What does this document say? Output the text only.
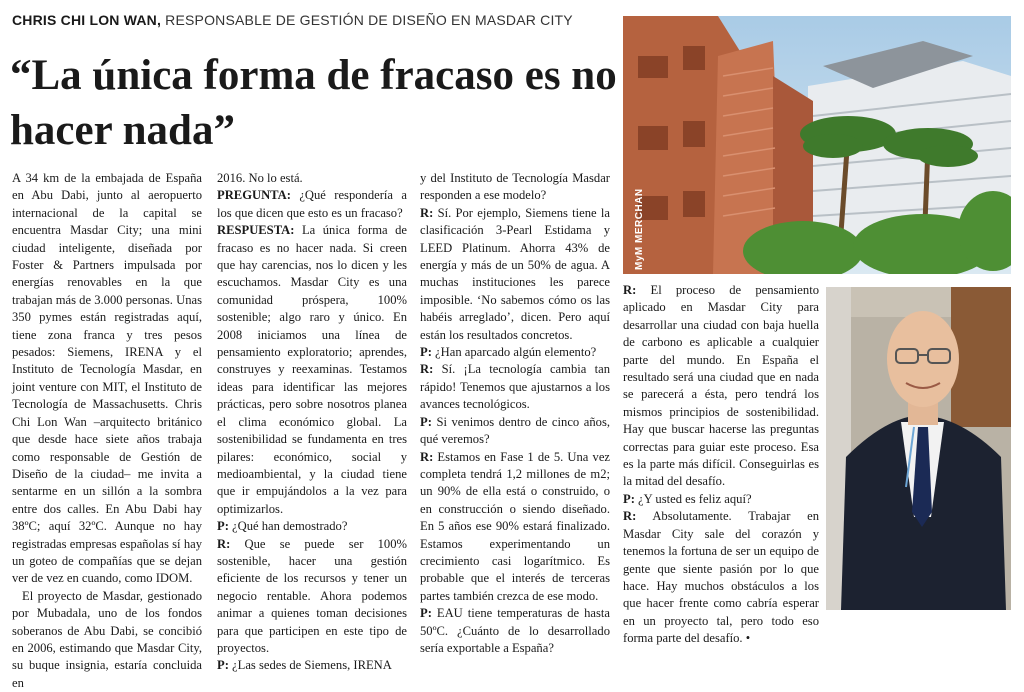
CHRIS CHI LON WAN, RESPONSABLE DE GESTIÓN DE DISEÑO EN MASDAR CITY
“La única forma de fracaso es no hacer nada”

A 34 km de la embajada de España en Abu Dabi, junto al aeropuerto internacional de la capital se encuentra Masdar City; una mini ciudad inteligente, diseñada por Foster & Partners impulsada por energías renovables en la que trabajan más de 3.000 personas. Unas 350 pymes están registradas aquí, tiene zona franca y tres pesos pesados: Siemens, IRENA y el Instituto de Tecnología Masdar, en joint venture con MIT, el Instituto de Tecnología de Massachusetts. Chris Chi Lon Wan –arquitecto británico que desde hace siete años trabaja como responsable de Gestión de Diseño de la ciudad– me invita a sentarme en un sillón a la sombra entre dos calles. En Abu Dabi hay 38ºC; aquí 32ºC. Aunque no hay registradas empresas españolas sí hay un goteo de compañías que se dejan ver de vez en cuando, como IDOM.

El proyecto de Masdar, gestionado por Mubadala, uno de los fondos soberanos de Abu Dabi, se concibió en 2006, estimando que Masdar City, su buque insignia, estaría concluida en

2016. No lo está.

PREGUNTA: ¿Qué respondería a los que dicen que esto es un fracaso?

RESPUESTA: La única forma de fracaso es no hacer nada. Si creen que hay carencias, nos lo dicen y les escuchamos. Masdar City es una comunidad próspera, 100% sostenible; algo raro y único. En 2008 iniciamos una línea de pensamiento exploratorio; aprendes, construyes y reexaminas. Testamos ideas para identificar las mejores prácticas, pero sobre nosotros planea el clima económico global. La sostenibilidad se fundamenta en tres pilares: económico, social y medioambiental, y la ciudad tiene que ir empujándolos a la vez para optimizarlos.

P: ¿Qué han demostrado?

R: Que se puede ser 100% sostenible, hacer una gestión eficiente de los recursos y tener un negocio rentable. Ahora podemos animar a quienes toman decisiones para que participen en este tipo de proyectos.

P: ¿Las sedes de Siemens, IRENA

y del Instituto de Tecnología Masdar responden a ese modelo?

R: Sí. Por ejemplo, Siemens tiene la clasificación 3-Pearl Estidama y LEED Platinum. Ahorra 43% de energía y más de un 50% de agua. A muchas instituciones les parece imposible. ‘No sabemos cómo os las habéis arreglado’, dicen. Pero aquí están los resultados concretos.

P: ¿Han aparcado algún elemento?

R: Sí. ¡La tecnología cambia tan rápido! Tenemos que ajustarnos a los avances tecnológicos.

P: Si venimos dentro de cinco años, qué veremos?

R: Estamos en Fase 1 de 5. Una vez completa tendrá 1,2 millones de m2; un 90% de ella está o construido, o en construcción o siendo diseñado. En 5 años ese 90% estará finalizado. Estamos experimentando un crecimiento casi logarítmico. Es probable que el interés de terceras partes también crezca de ese modo.

P: EAU tiene temperaturas de hasta 50ºC. ¿Cuánto de lo desarrollado sería exportable a España?

R: El proceso de pensamiento aplicado en Masdar City para desarrollar una ciudad con baja huella de carbono es aplicable a cualquier parte del mundo. En España el resultado será una ciudad que en nada se parecerá a ésta, pero tendrá los mismos principios de sostenibilidad. Hay que buscar hacerse las preguntas correctas para guiar este proceso. Esa es la parte más difícil. Conseguirlas es la mitad del desafío.

P: ¿Y usted es feliz aquí?

R: Absolutamente. Trabajar en Masdar City sale del corazón y tenemos la fortuna de ser un equipo de gente que siente pasión por lo que hace. Hay muchos obstáculos a los que hacer frente como cabría esperar en un proyecto tal, pero todo eso forma parte del desafío. •

MyM MERCHAN
